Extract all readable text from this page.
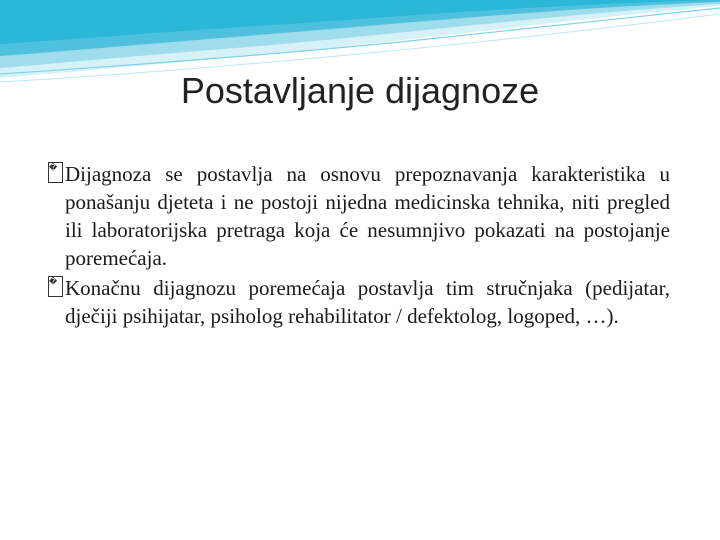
Postavljanje dijagnoze

� Dijagnoza se postavlja na osnovu prepoznavanja karakteristika u ponašanju djeteta i ne postoji nijedna medicinska tehnika, niti pregled ili laboratorijska pretraga koja će nesumnjivo pokazati na postojanje poremećaja.

� Konačnu dijagnozu poremećaja postavlja tim stručnjaka (pedijatar, dječiji psihijatar, psiholog rehabilitator / defektolog, logoped, …).
